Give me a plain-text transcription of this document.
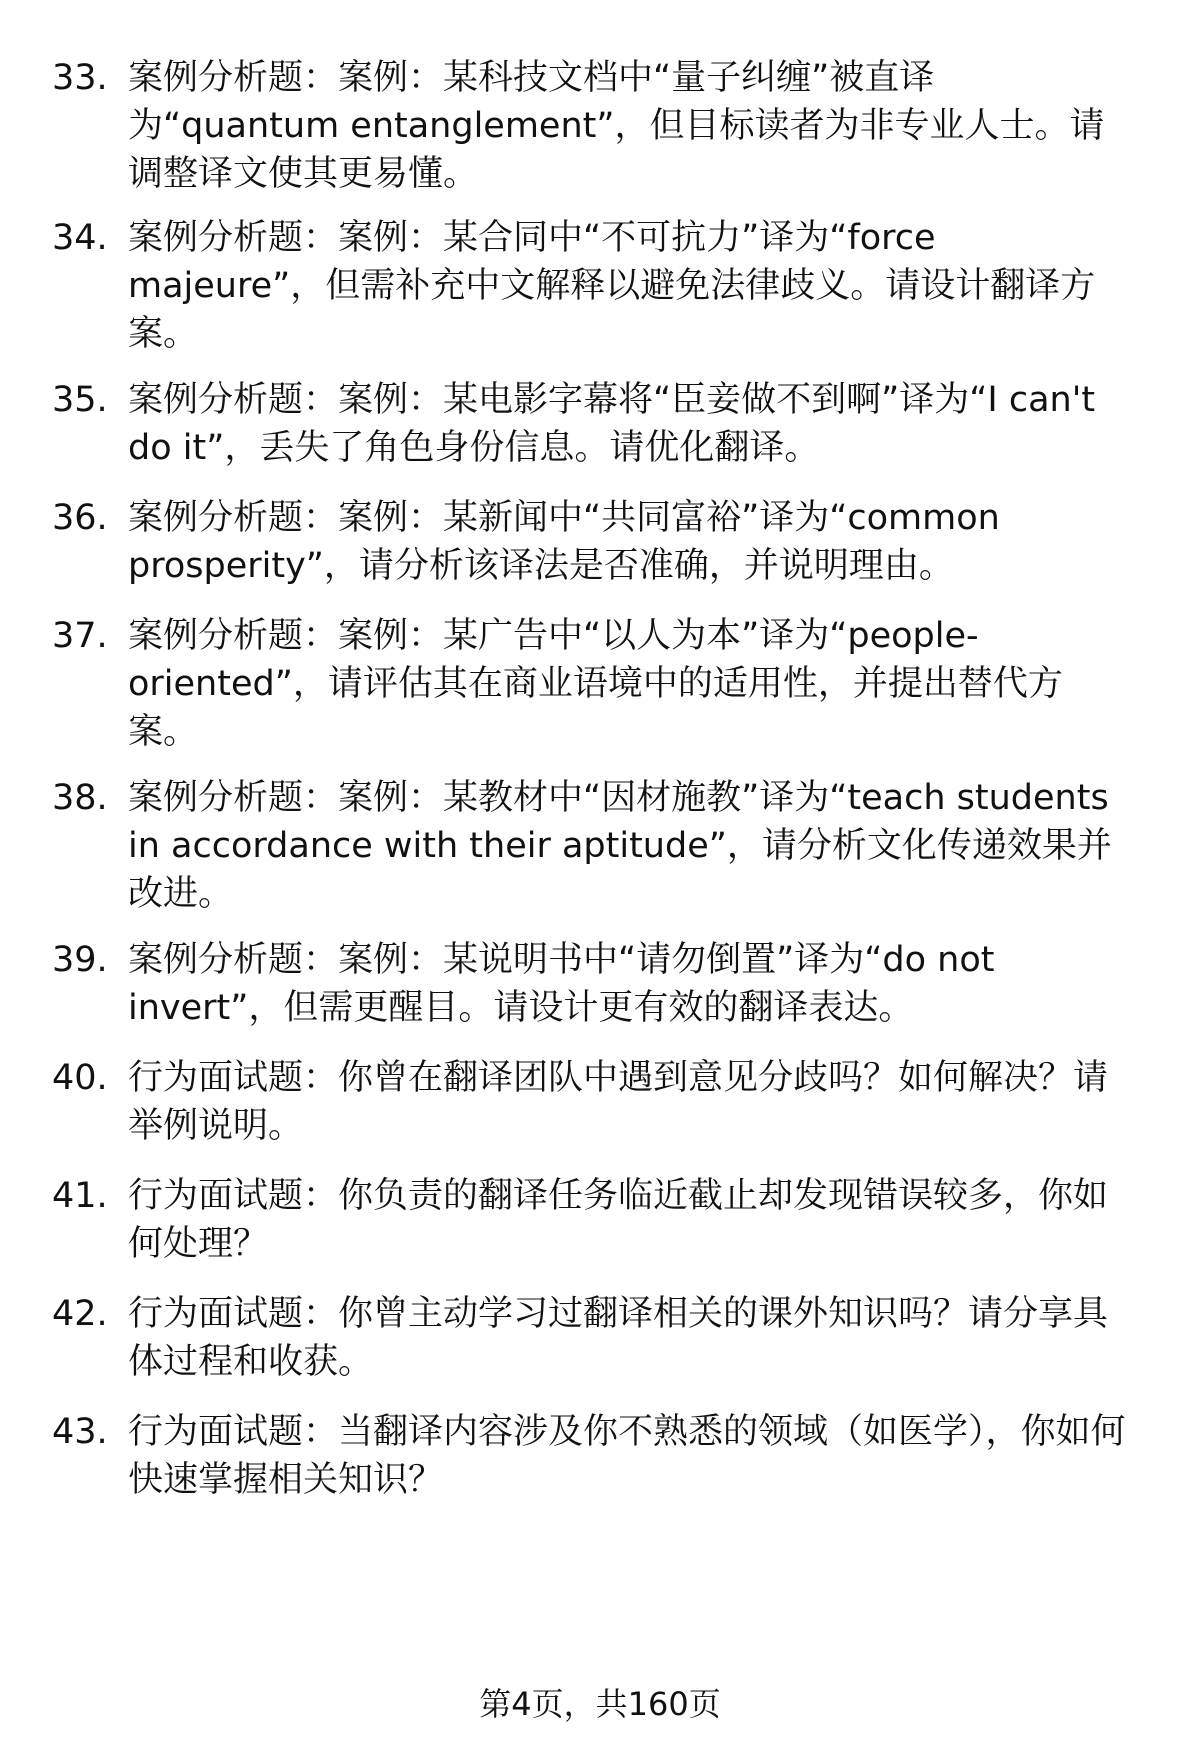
33. 案例分析题：案例：某科技文档中“量子纠缠”被直译为“quantum entanglement”，但目标读者为非专业人士。请调整译文使其更易懂。
34. 案例分析题：案例：某合同中“不可抗力”译为“force majeure”，但需补充中文解释以避免法律歧义。请设计翻译方案。
35. 案例分析题：案例：某电影字幕将“臣妾做不到啊”译为“I can't do it”，丢失了角色身份信息。请优化翻译。
36. 案例分析题：案例：某新闻中“共同富裕”译为“common prosperity”，请分析该译法是否准确，并说明理由。
37. 案例分析题：案例：某广告中“以人为本”译为“people-oriented”，请评估其在商业语境中的适用性，并提出替代方案。
38. 案例分析题：案例：某教材中“因材施教”译为“teach students in accordance with their aptitude”，请分析文化传递效果并改进。
39. 案例分析题：案例：某说明书中“请勿倒置”译为“do not invert”，但需更醒目。请设计更有效的翻译表达。
40. 行为面试题：你曾在翻译团队中遇到意见分歧吗？如何解决？请举例说明。
41. 行为面试题：你负责的翻译任务临近截止却发现错误较多，你如何处理？
42. 行为面试题：你曾主动学习过翻译相关的课外知识吗？请分享具体过程和收获。
43. 行为面试题：当翻译内容涉及你不熟悉的领域（如医学），你如何快速掌握相关知识？
第4页，共160页
